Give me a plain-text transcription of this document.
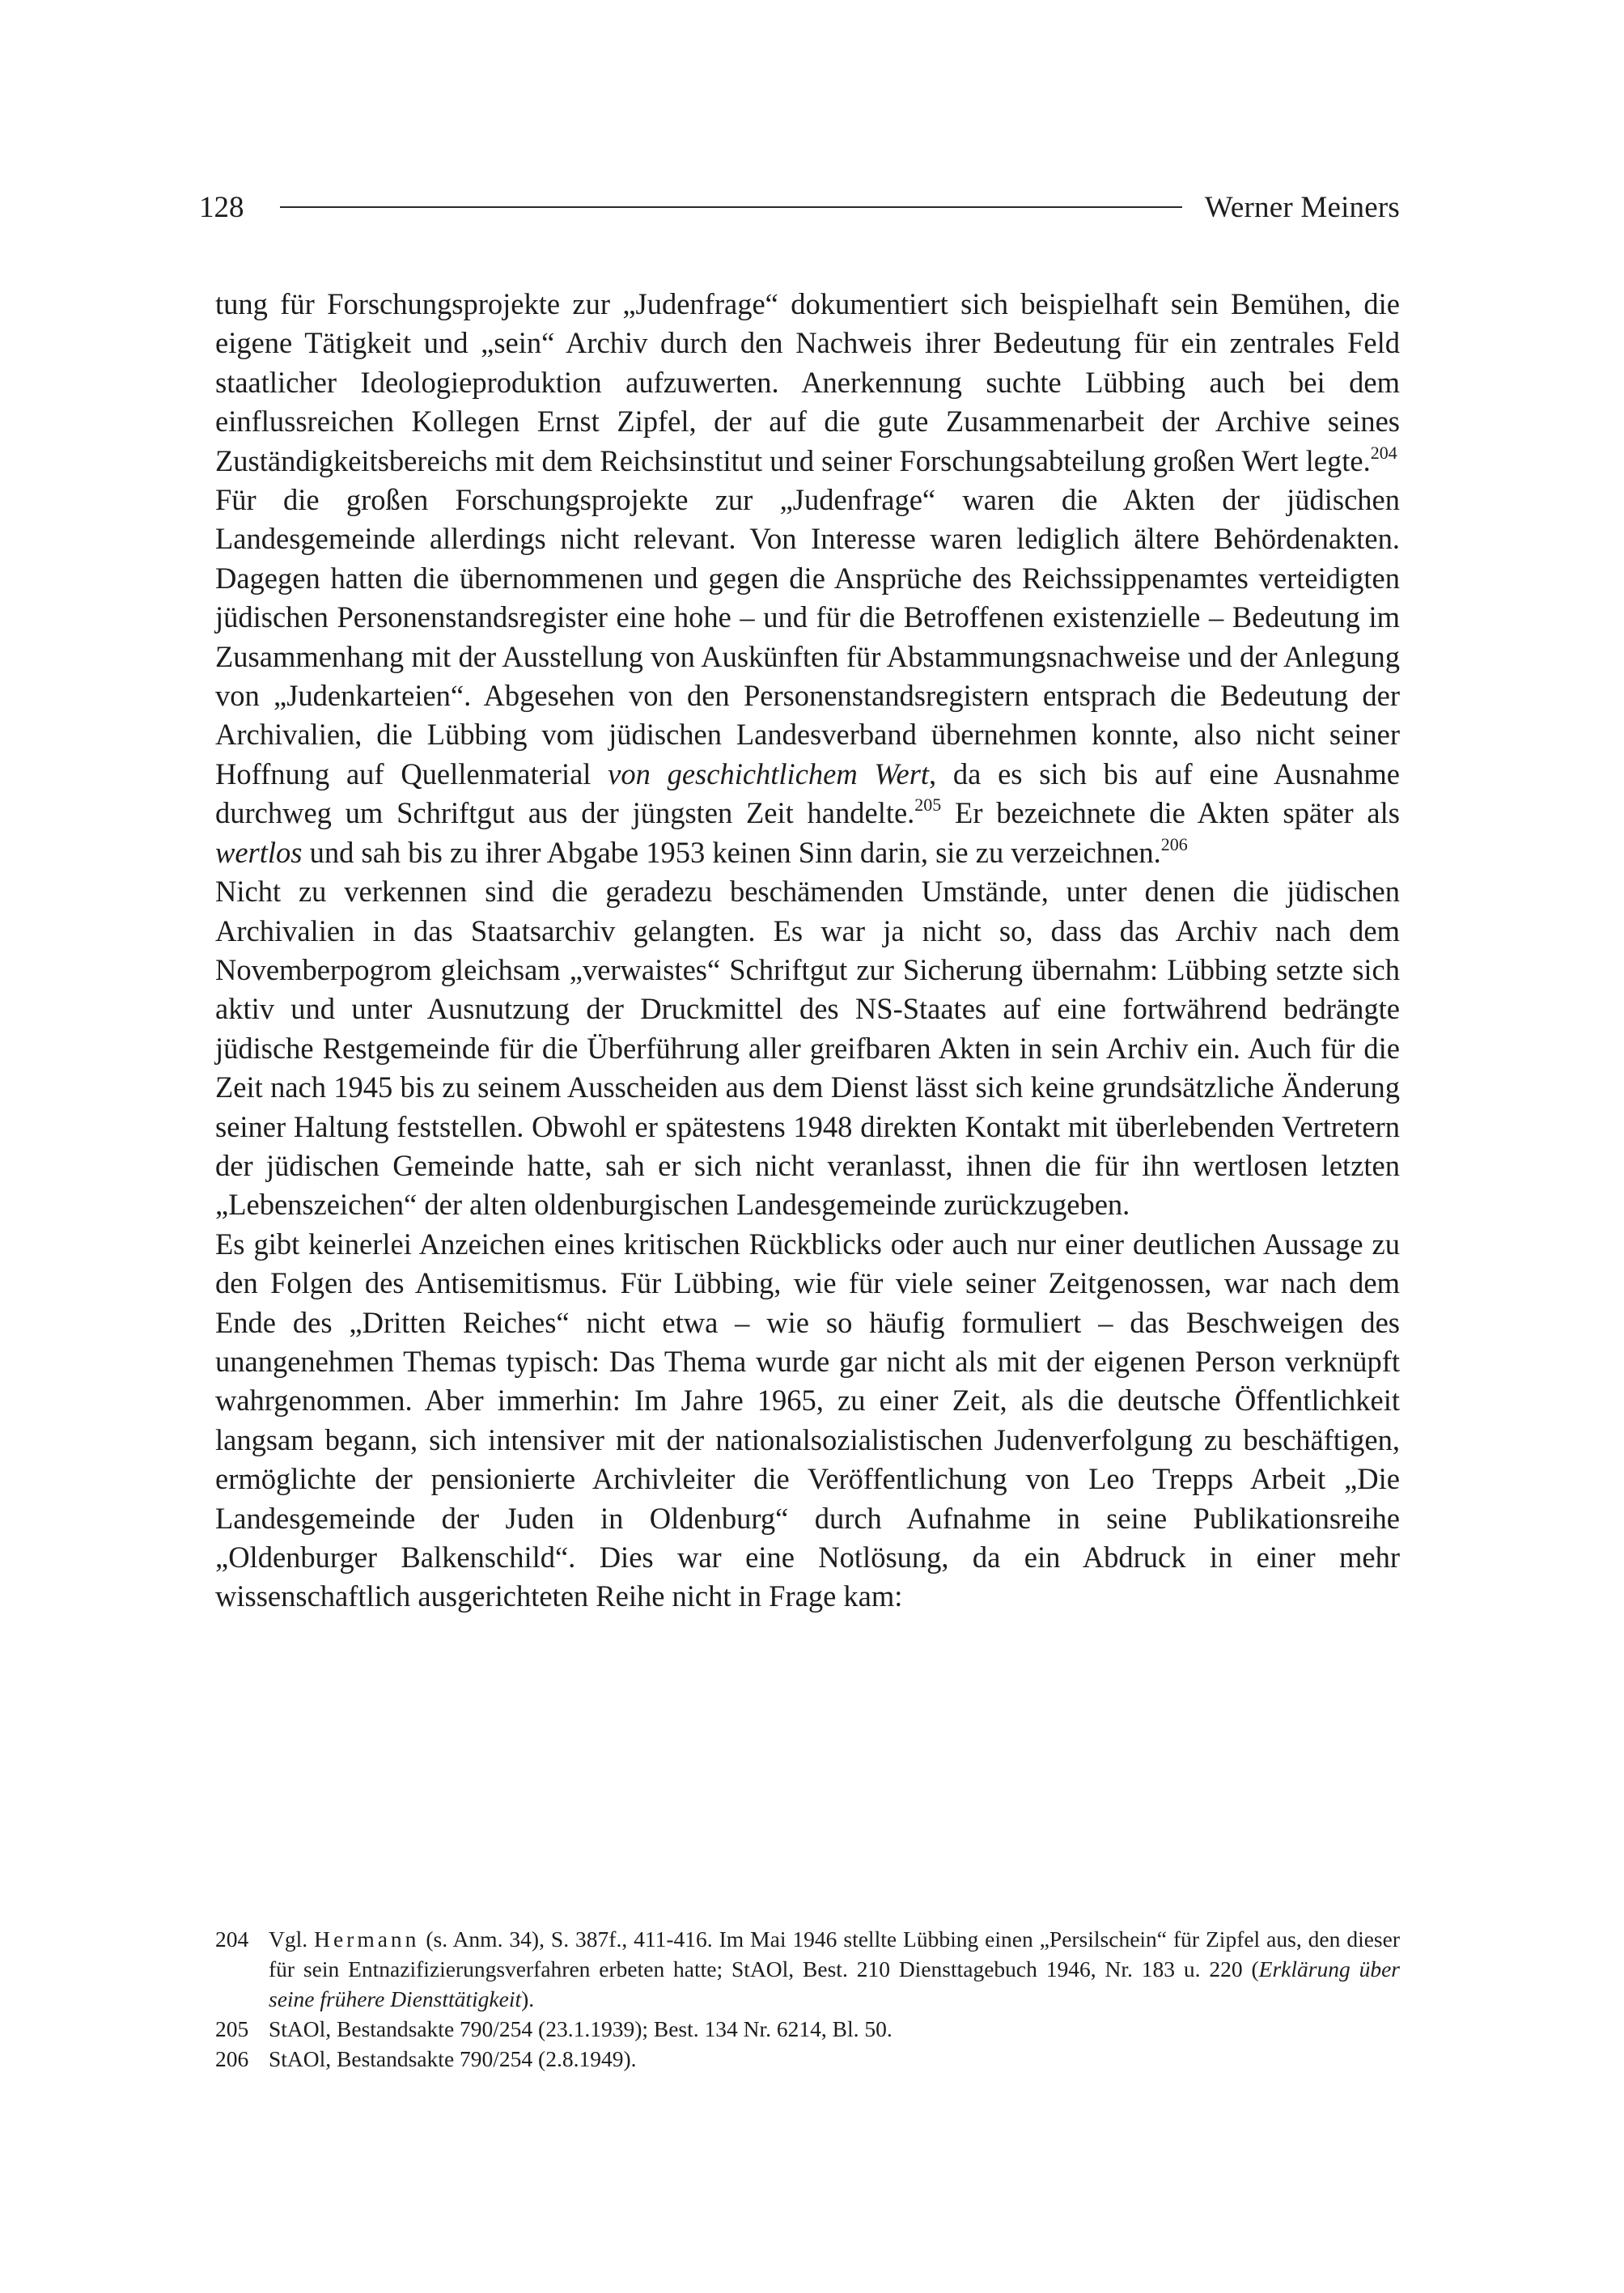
128	Werner Meiners

tung für Forschungsprojekte zur „Judenfrage“ dokumentiert sich beispielhaft sein Bemühen, die eigene Tätigkeit und „sein“ Archiv durch den Nachweis ihrer Bedeutung für ein zentrales Feld staatlicher Ideologieproduktion aufzuwerten. Anerkennung suchte Lübbing auch bei dem einflussreichen Kollegen Ernst Zipfel, der auf die gute Zusammenarbeit der Archive seines Zuständigkeitsbereichs mit dem Reichsinstitut und seiner Forschungsabteilung großen Wert legte.$^{204}$

Für die großen Forschungsprojekte zur „Judenfrage“ waren die Akten der jüdischen Landesgemeinde allerdings nicht relevant. Von Interesse waren lediglich ältere Behördenakten. Dagegen hatten die übernommenen und gegen die Ansprüche des Reichssippenamtes verteidigten jüdischen Personenstandsregister eine hohe – und für die Betroffenen existenzielle – Bedeutung im Zusammenhang mit der Ausstellung von Auskünften für Abstammungsnachweise und der Anlegung von „Judenkarteien“. Abgesehen von den Personenstandsregistern entsprach die Bedeutung der Archivalien, die Lübbing vom jüdischen Landesverband übernehmen konnte, also nicht seiner Hoffnung auf Quellenmaterial von geschichtlichem Wert, da es sich bis auf eine Ausnahme durchweg um Schriftgut aus der jüngsten Zeit handelte.$^{205}$ Er bezeichnete die Akten später als wertlos und sah bis zu ihrer Abgabe 1953 keinen Sinn darin, sie zu verzeichnen.$^{206}$

Nicht zu verkennen sind die geradezu beschämenden Umstände, unter denen die jüdischen Archivalien in das Staatsarchiv gelangten. Es war ja nicht so, dass das Archiv nach dem Novemberpogrom gleichsam „verwaistes“ Schriftgut zur Sicherung übernahm: Lübbing setzte sich aktiv und unter Ausnutzung der Druckmittel des NS-Staates auf eine fortwährend bedrängte jüdische Restgemeinde für die Überführung aller greifbaren Akten in sein Archiv ein. Auch für die Zeit nach 1945 bis zu seinem Ausscheiden aus dem Dienst lässt sich keine grundsätzliche Änderung seiner Haltung feststellen. Obwohl er spätestens 1948 direkten Kontakt mit überlebenden Vertretern der jüdischen Gemeinde hatte, sah er sich nicht veranlasst, ihnen die für ihn wertlosen letzten „Lebenszeichen“ der alten oldenburgischen Landesgemeinde zurückzugeben.

Es gibt keinerlei Anzeichen eines kritischen Rückblicks oder auch nur einer deutlichen Aussage zu den Folgen des Antisemitismus. Für Lübbing, wie für viele seiner Zeitgenossen, war nach dem Ende des „Dritten Reiches“ nicht etwa – wie so häufig formuliert – das Beschweigen des unangenehmen Themas typisch: Das Thema wurde gar nicht als mit der eigenen Person verknüpft wahrgenommen. Aber immerhin: Im Jahre 1965, zu einer Zeit, als die deutsche Öffentlichkeit langsam begann, sich intensiver mit der nationalsozialistischen Judenverfolgung zu beschäftigen, ermöglichte der pensionierte Archivleiter die Veröffentlichung von Leo Trepps Arbeit „Die Landesgemeinde der Juden in Oldenburg“ durch Aufnahme in seine Publikationsreihe „Oldenburger Balkenschild“. Dies war eine Notlösung, da ein Abdruck in einer mehr wissenschaftlich ausgerichteten Reihe nicht in Frage kam:

204 Vgl. Hermann (s. Anm. 34), S. 387f., 411-416. Im Mai 1946 stellte Lübbing einen „Persilschein“ für Zipfel aus, den dieser für sein Entnazifizierungsverfahren erbeten hatte; StAOl, Best. 210 Diensttagebuch 1946, Nr. 183 u. 220 (Erklärung über seine frühere Diensttätigkeit).
205 StAOl, Bestandsakte 790/254 (23.1.1939); Best. 134 Nr. 6214, Bl. 50.
206 StAOl, Bestandsakte 790/254 (2.8.1949).
